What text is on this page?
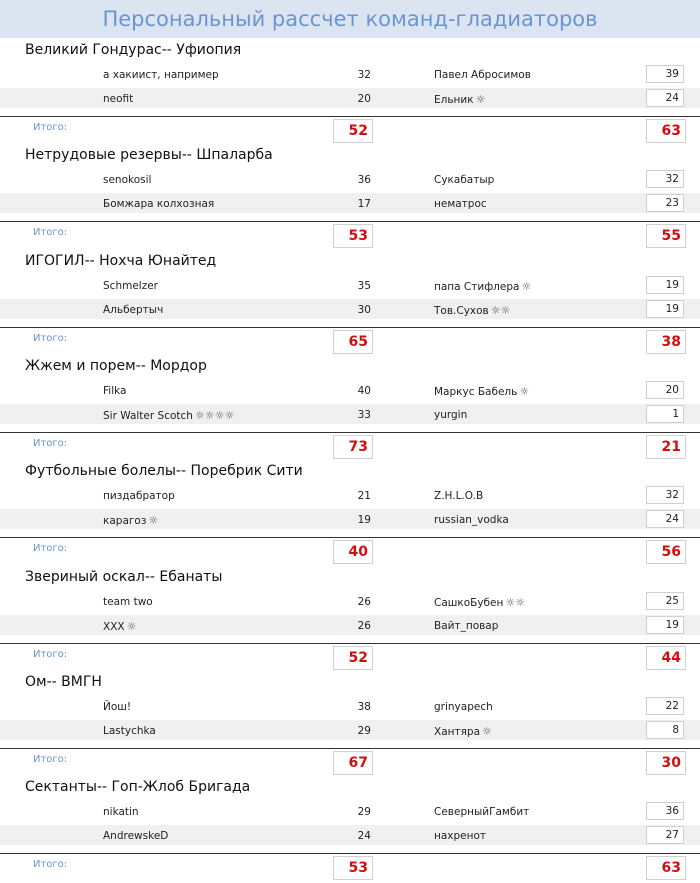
Персональный рассчет команд-гладиаторов
Великий Гондурас-- Уфиопия
а хакиист, например	32	Павел Абросимов	39
neofit	20	Ельник ☼	24
Итого:	52	63
Нетрудовые резервы-- Шпаларба
senokosil	36	Сукабатыр	32
Бомжара колхозная	17	нематрос	23
Итого:	53	55
ИГОГИЛ-- Нохча Юнайтед
Schmelzer	35	папа Стифлера ☼	19
Альбертыч	30	Тов.Сухов ☼☼	19
Итого:	65	38
Жжем и порем-- Мордор
Filka	40	Маркус Бабель ☼	20
Sir Walter Scotch ☼☼☼☼	33	yurgin	1
Итого:	73	21
Футбольные болелы-- Поребрик Сити
пиздабратор	21	Z.H.L.O.B	32
карагоз ☼	19	russian_vodka	24
Итого:	40	56
Звериный оскал-- Ебанаты
team two	26	СашкоБубен ☼☼	25
XXX ☼	26	Вайт_повар	19
Итого:	52	44
Ом-- ВМГН
Йош!	38	grinyapech	22
Lastychka	29	Хантяра ☼	8
Итого:	67	30
Сектанты-- Гоп-Жлоб Бригада
nikatin	29	СеверныйГамбит	36
AndrewskeD	24	нахренот	27
Итого:	53	63
